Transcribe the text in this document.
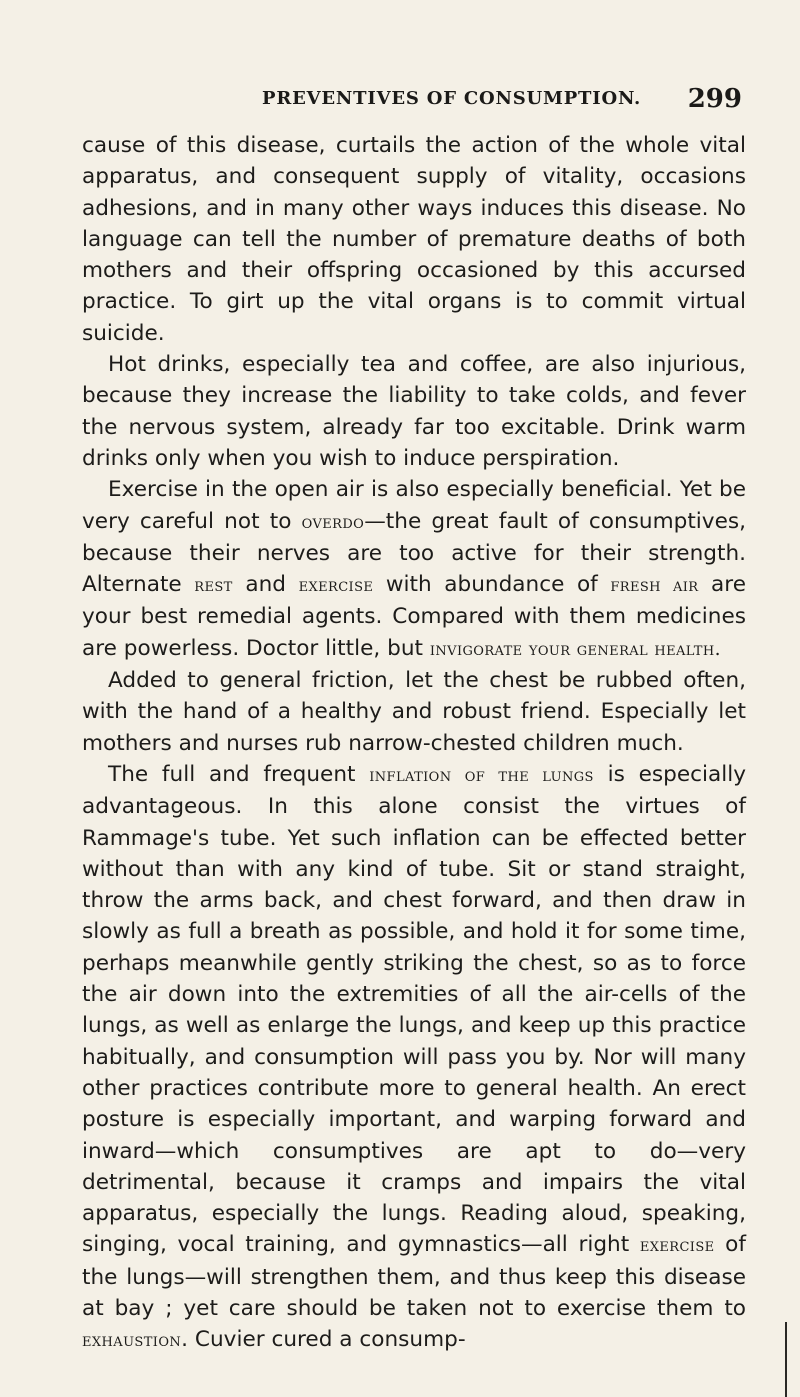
PREVENTIVES OF CONSUMPTION. 299

cause of this disease, curtails the action of the whole vital apparatus, and consequent supply of vitality, occasions adhesions, and in many other ways induces this disease. No language can tell the number of premature deaths of both mothers and their offspring occasioned by this accursed practice. To girt up the vital organs is to commit virtual suicide.

Hot drinks, especially tea and coffee, are also injurious, because they increase the liability to take colds, and fever the nervous system, already far too excitable. Drink warm drinks only when you wish to induce perspiration.

Exercise in the open air is also especially beneficial. Yet be very careful not to overdo—the great fault of consumptives, because their nerves are too active for their strength. Alternate rest and exercise with abundance of fresh air are your best remedial agents. Compared with them medicines are powerless. Doctor little, but invigorate your general health.

Added to general friction, let the chest be rubbed often, with the hand of a healthy and robust friend. Especially let mothers and nurses rub narrow-chested children much.

The full and frequent inflation of the lungs is especially advantageous. In this alone consist the virtues of Rammage's tube. Yet such inflation can be effected better without than with any kind of tube. Sit or stand straight, throw the arms back, and chest forward, and then draw in slowly as full a breath as possible, and hold it for some time, perhaps meanwhile gently striking the chest, so as to force the air down into the extremities of all the air-cells of the lungs, as well as enlarge the lungs, and keep up this practice habitually, and consumption will pass you by. Nor will many other practices contribute more to general health. An erect posture is especially important, and warping forward and inward—which consumptives are apt to do—very detrimental, because it cramps and impairs the vital apparatus, especially the lungs. Reading aloud, speaking, singing, vocal training, and gymnastics—all right exercise of the lungs—will strengthen them, and thus keep this disease at bay ; yet care should be taken not to exercise them to exhaustion. Cuvier cured a consump-
